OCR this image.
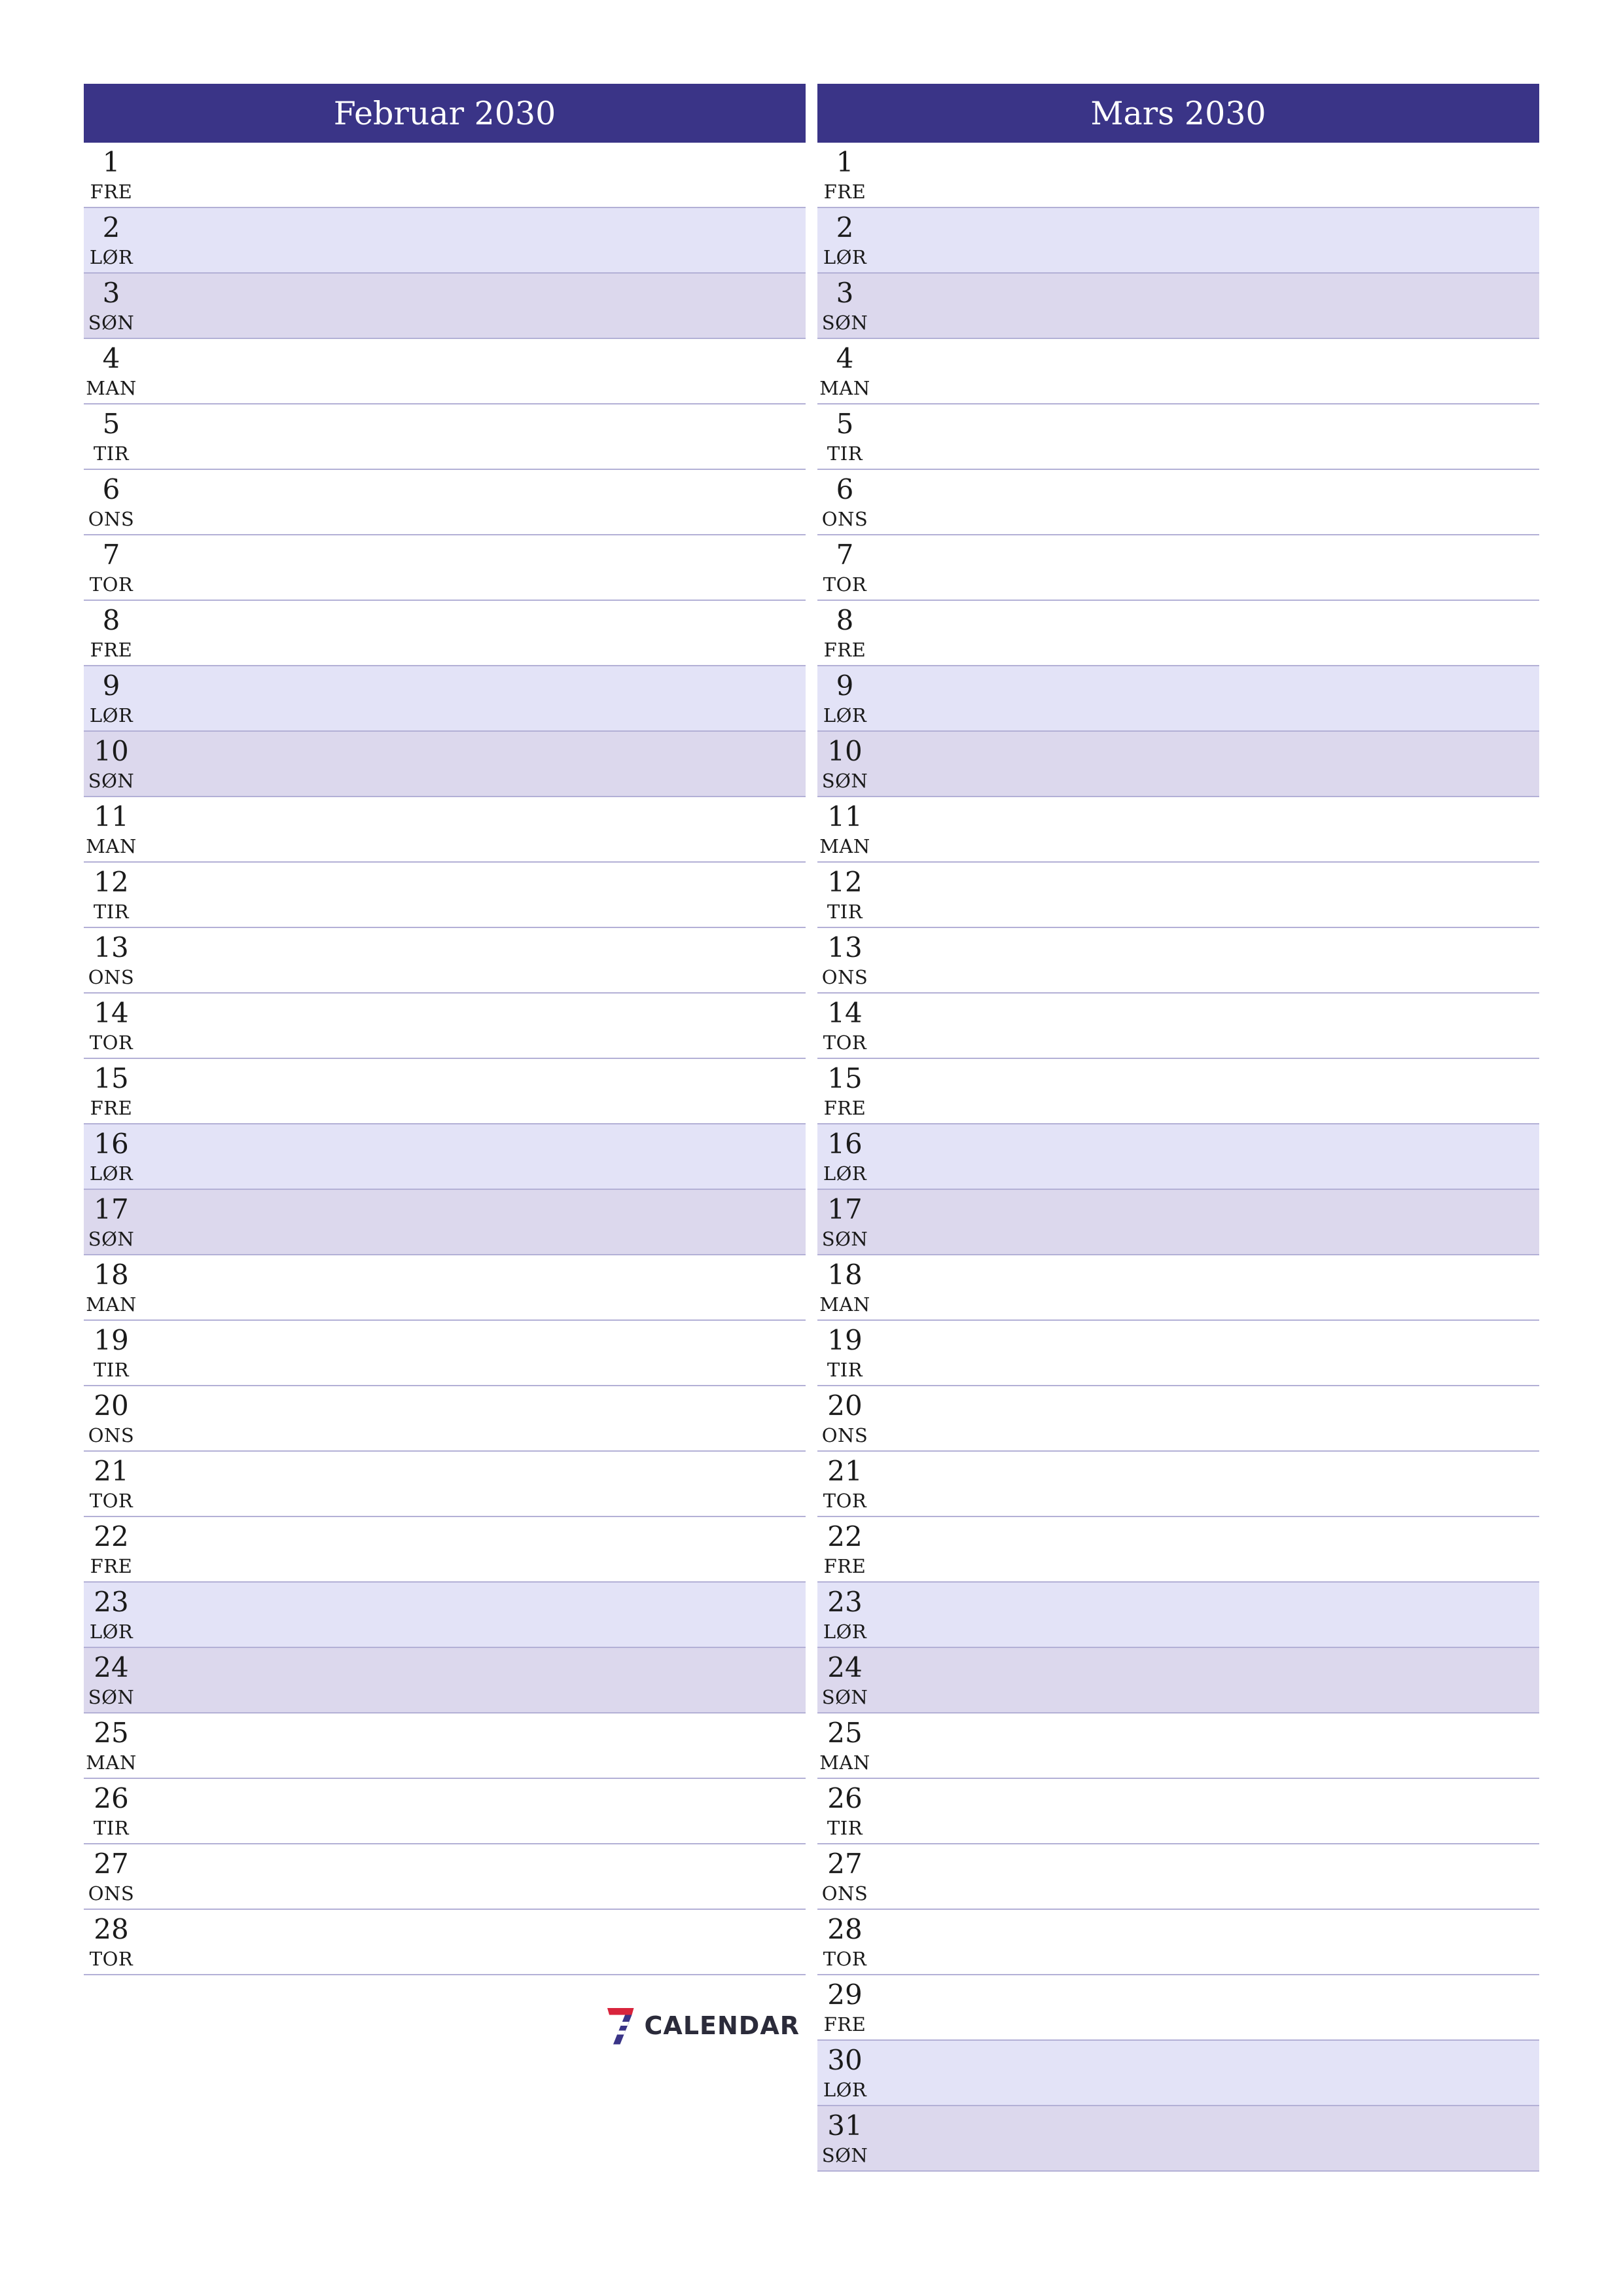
Februar 2030
1
FRE
2
LØR
3
SØN
4
MAN
5
TIR
6
ONS
7
TOR
8
FRE
9
LØR
10
SØN
11
MAN
12
TIR
13
ONS
14
TOR
15
FRE
16
LØR
17
SØN
18
MAN
19
TIR
20
ONS
21
TOR
22
FRE
23
LØR
24
SØN
25
MAN
26
TIR
27
ONS
28
TOR
Mars 2030
1
FRE
2
LØR
3
SØN
4
MAN
5
TIR
6
ONS
7
TOR
8
FRE
9
LØR
10
SØN
11
MAN
12
TIR
13
ONS
14
TOR
15
FRE
16
LØR
17
SØN
18
MAN
19
TIR
20
ONS
21
TOR
22
FRE
23
LØR
24
SØN
25
MAN
26
TIR
27
ONS
28
TOR
29
FRE
30
LØR
31
SØN
CALENDAR
